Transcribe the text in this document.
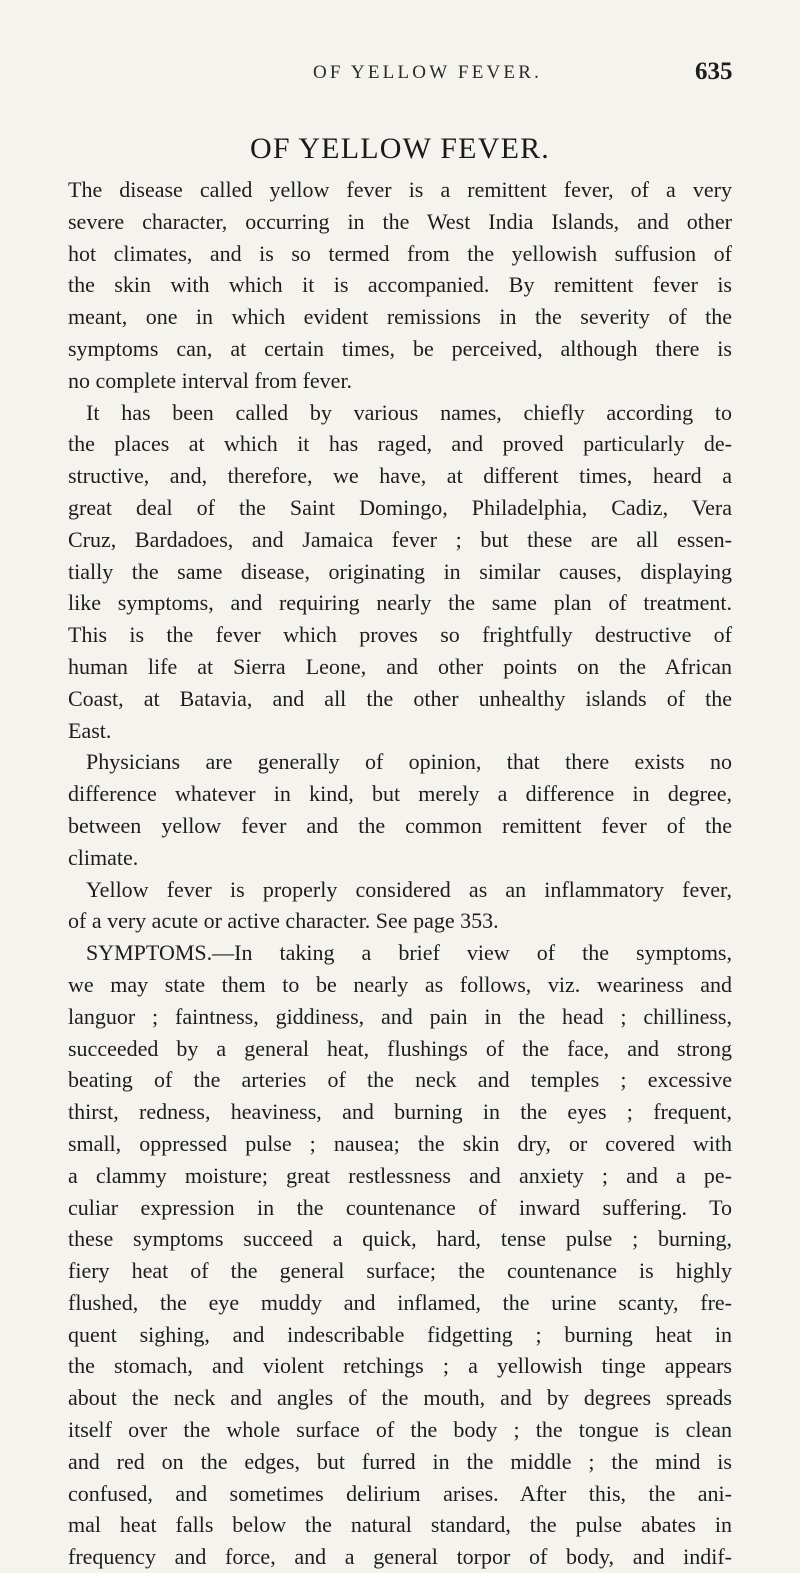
OF YELLOW FEVER.	635
OF YELLOW FEVER.
The disease called yellow fever is a remittent fever, of a very
severe character, occurring in the West India Islands, and other
hot climates, and is so termed from the yellowish suffusion of
the skin with which it is accompanied. By remittent fever is
meant, one in which evident remissions in the severity of the
symptoms can, at certain times, be perceived, although there is
no complete interval from fever.
It has been called by various names, chiefly according to
the places at which it has raged, and proved particularly de-
structive, and, therefore, we have, at different times, heard a
great deal of the Saint Domingo, Philadelphia, Cadiz, Vera
Cruz, Bardadoes, and Jamaica fever ; but these are all essen-
tially the same disease, originating in similar causes, displaying
like symptoms, and requiring nearly the same plan of treatment.
This is the fever which proves so frightfully destructive of
human life at Sierra Leone, and other points on the African
Coast, at Batavia, and all the other unhealthy islands of the
East.
Physicians are generally of opinion, that there exists no
difference whatever in kind, but merely a difference in degree,
between yellow fever and the common remittent fever of the
climate.
Yellow fever is properly considered as an inflammatory fever,
of a very acute or active character. See page 353.
SYMPTOMS.—In taking a brief view of the symptoms,
we may state them to be nearly as follows, viz. weariness and
languor ; faintness, giddiness, and pain in the head ; chilliness,
succeeded by a general heat, flushings of the face, and strong
beating of the arteries of the neck and temples ; excessive
thirst, redness, heaviness, and burning in the eyes ; frequent,
small, oppressed pulse ; nausea; the skin dry, or covered with
a clammy moisture; great restlessness and anxiety ; and a pe-
culiar expression in the countenance of inward suffering. To
these symptoms succeed a quick, hard, tense pulse ; burning,
fiery heat of the general surface; the countenance is highly
flushed, the eye muddy and inflamed, the urine scanty, fre-
quent sighing, and indescribable fidgetting ; burning heat in
the stomach, and violent retchings ; a yellowish tinge appears
about the neck and angles of the mouth, and by degrees spreads
itself over the whole surface of the body ; the tongue is clean
and red on the edges, but furred in the middle ; the mind is
confused, and sometimes delirium arises. After this, the ani-
mal heat falls below the natural standard, the pulse abates in
frequency and force, and a general torpor of body, and indif-
